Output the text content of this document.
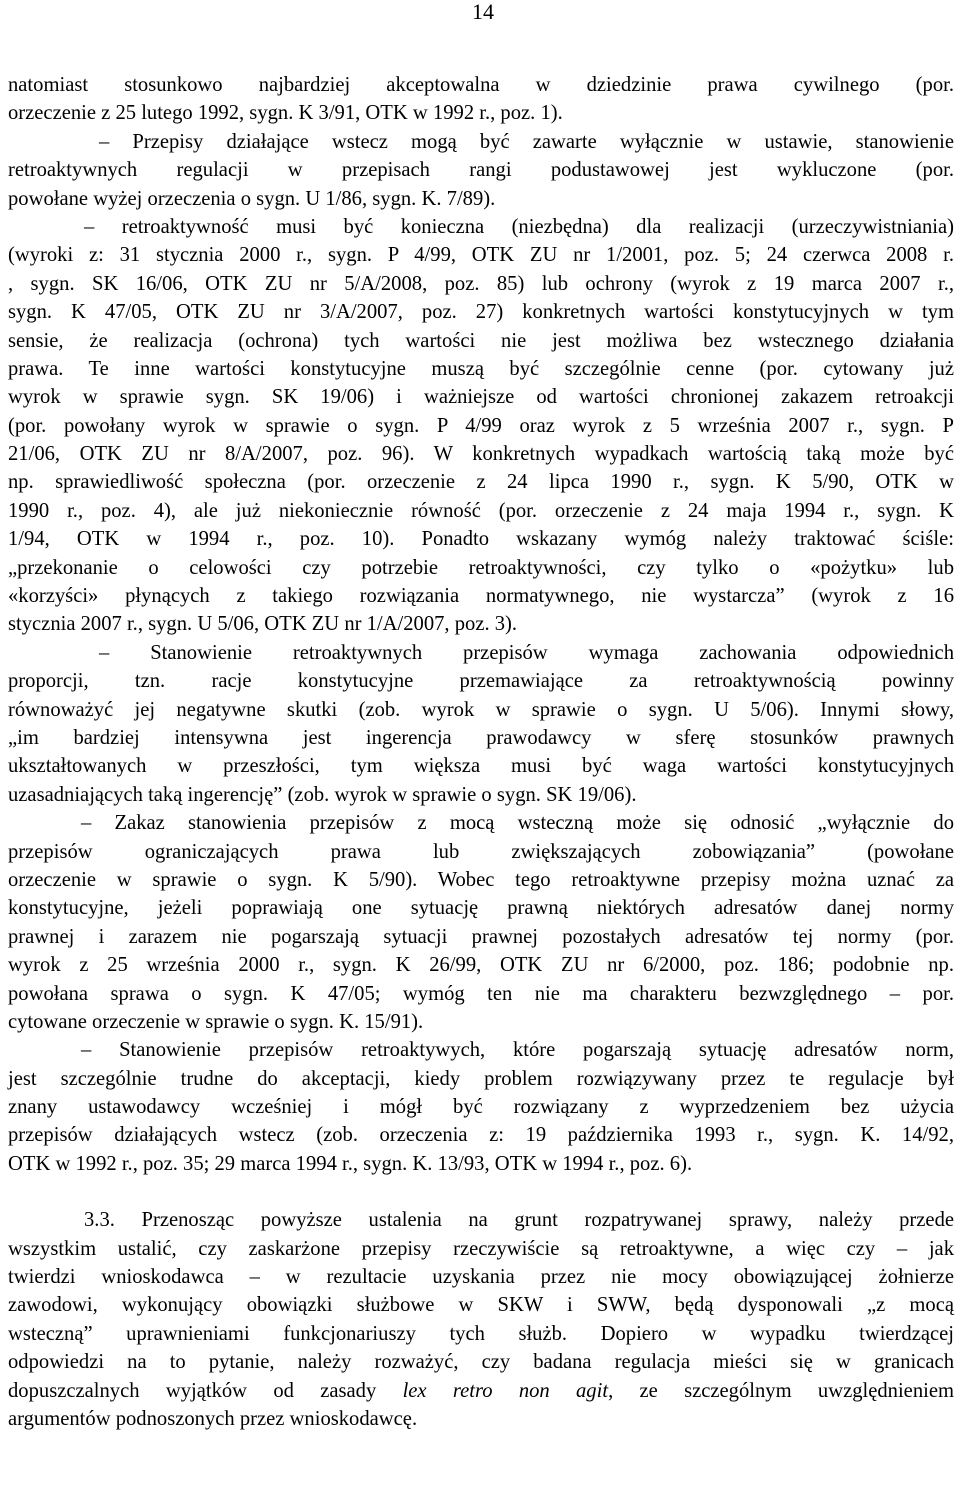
14
natomiast stosunkowo najbardziej akceptowalna w dziedzinie prawa cywilnego (por.
orzeczenie z 25 lutego 1992, sygn. K 3/91, OTK w 1992 r., poz. 1).
– Przepisy działające wstecz mogą być zawarte wyłącznie w ustawie, stanowienie
retroaktywnych regulacji w przepisach rangi podustawowej jest wykluczone (por.
powołane wyżej orzeczenia o sygn. U 1/86, sygn. K. 7/89).
– retroaktywność musi być konieczna (niezbędna) dla realizacji (urzeczywistniania)
(wyroki z: 31 stycznia 2000 r., sygn. P 4/99, OTK ZU nr 1/2001, poz. 5; 24 czerwca 2008 r.
, sygn. SK 16/06, OTK ZU nr 5/A/2008, poz. 85) lub ochrony (wyrok z 19 marca 2007 r.,
sygn. K 47/05, OTK ZU nr 3/A/2007, poz. 27) konkretnych wartości konstytucyjnych w tym
sensie, że realizacja (ochrona) tych wartości nie jest możliwa bez wstecznego działania
prawa. Te inne wartości konstytucyjne muszą być szczególnie cenne (por. cytowany już
wyrok w sprawie sygn. SK 19/06) i ważniejsze od wartości chronionej zakazem retroakcji
(por. powołany wyrok w sprawie o sygn. P 4/99 oraz wyrok z 5 września 2007 r., sygn. P
21/06, OTK ZU nr 8/A/2007, poz. 96). W konkretnych wypadkach wartością taką może być
np. sprawiedliwość społeczna (por. orzeczenie z 24 lipca 1990 r., sygn. K 5/90, OTK w
1990 r., poz. 4), ale już niekoniecznie równość (por. orzeczenie z 24 maja 1994 r., sygn. K
1/94, OTK w 1994 r., poz. 10). Ponadto wskazany wymóg należy traktować ściśle:
„przekonanie o celowości czy potrzebie retroaktywności, czy tylko o «pożytku» lub
«korzyści» płynących z takiego rozwiązania normatywnego, nie wystarcza” (wyrok z 16
stycznia 2007 r., sygn. U 5/06, OTK ZU nr 1/A/2007, poz. 3).
– Stanowienie retroaktywnych przepisów wymaga zachowania odpowiednich
proporcji, tzn. racje konstytucyjne przemawiające za retroaktywnością powinny
równoważyć jej negatywne skutki (zob. wyrok w sprawie o sygn. U 5/06). Innymi słowy,
„im bardziej intensywna jest ingerencja prawodawcy w sferę stosunków prawnych
ukształtowanych w przeszłości, tym większa musi być waga wartości konstytucyjnych
uzasadniających taką ingerencję” (zob. wyrok w sprawie o sygn. SK 19/06).
– Zakaz stanowienia przepisów z mocą wsteczną może się odnosić „wyłącznie do
przepisów ograniczających prawa lub zwiększających zobowiązania” (powołane
orzeczenie w sprawie o sygn. K 5/90). Wobec tego retroaktywne przepisy można uznać za
konstytucyjne, jeżeli poprawiają one sytuację prawną niektórych adresatów danej normy
prawnej i zarazem nie pogarszają sytuacji prawnej pozostałych adresatów tej normy (por.
wyrok z 25 września 2000 r., sygn. K 26/99, OTK ZU nr 6/2000, poz. 186; podobnie np.
powołana sprawa o sygn. K 47/05; wymóg ten nie ma charakteru bezwzględnego – por.
cytowane orzeczenie w sprawie o sygn. K. 15/91).
– Stanowienie przepisów retroaktywych, które pogarszają sytuację adresatów norm,
jest szczególnie trudne do akceptacji, kiedy problem rozwiązywany przez te regulacje był
znany ustawodawcy wcześniej i mógł być rozwiązany z wyprzedzeniem bez użycia
przepisów działających wstecz (zob. orzeczenia z: 19 października 1993 r., sygn. K. 14/92,
OTK w 1992 r., poz. 35; 29 marca 1994 r., sygn. K. 13/93, OTK w 1994 r., poz. 6).
3.3. Przenosząc powyższe ustalenia na grunt rozpatrywanej sprawy, należy przede
wszystkim ustalić, czy zaskarżone przepisy rzeczywiście są retroaktywne, a więc czy – jak
twierdzi wnioskodawca – w rezultacie uzyskania przez nie mocy obowiązującej żołnierze
zawodowi, wykonujący obowiązki służbowe w SKW i SWW, będą dysponowali „z mocą
wsteczną” uprawnieniami funkcjonariuszy tych służb. Dopiero w wypadku twierdzącej
odpowiedzi na to pytanie, należy rozważyć, czy badana regulacja mieści się w granicach
dopuszczalnych wyjątków od zasady lex retro non agit, ze szczególnym uwzględnieniem
argumentów podnoszonych przez wnioskodawcę.
